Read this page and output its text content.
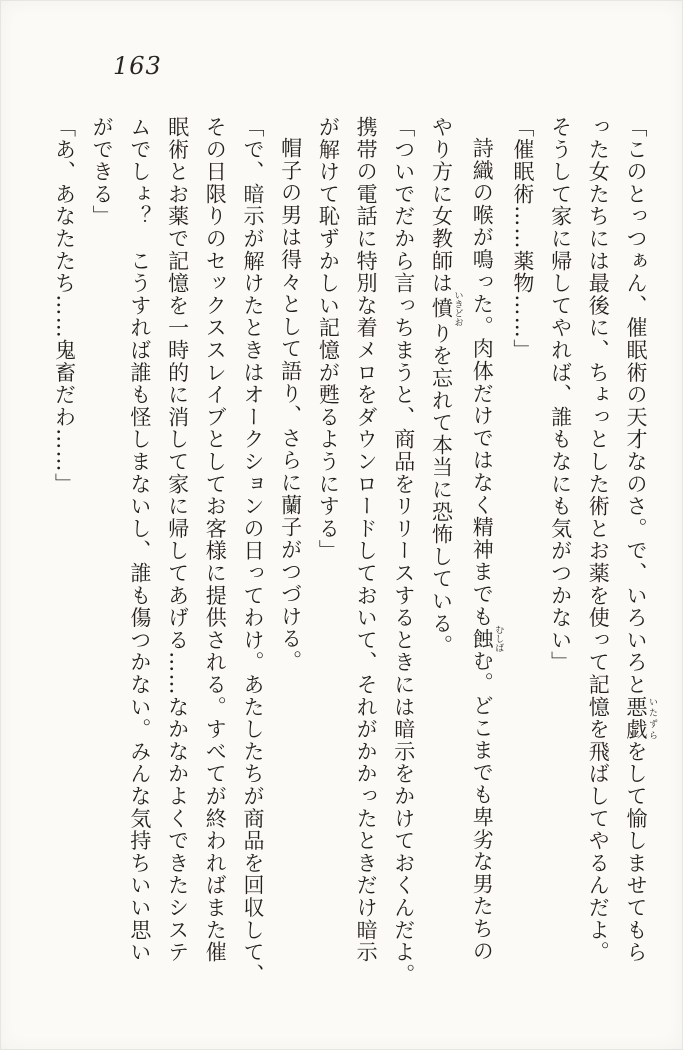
163

「このとっつぁん、催眠術の天才なのさ。で、いろいろと悪戯 いたずらをして愉しませてもら

った女たちには最後に、ちょっとした術とお薬を使って記憶を飛ばしてやるんだよ。

そうして家に帰してやれば、誰もなにも気がつかない」

「催眠術……薬物……」

詩織の喉が鳴った。肉体だけではなく精神までも蝕 むしばむ。どこまでも卑劣な男たちの

やり方に女教師は憤 いきどおりを忘れて本当に恐怖している。

「ついでだから言っちまうと、商品をリリースするときには暗示をかけておくんだよ。

携帯の電話に特別な着メロをダウンロードしておいて、それがかかったときだけ暗示

が解けて恥ずかしい記憶が甦るようにする」

帽子の男は得々として語り、さらに蘭子がつづける。

「で、暗示が解けたときはオークションの日ってわけ。あたしたちが商品を回収して、

その日限りのセックススレイブとしてお客様に提供される。すべてが終わればまた催

眠術とお薬で記憶を一時的に消して家に帰してあげる……なかなかよくできたシステ

ムでしょ？　こうすれば誰も怪しまないし、誰も傷つかない。みんな気持ちいい思い

ができる」

「あ、あなたたち……鬼畜だわ……」
